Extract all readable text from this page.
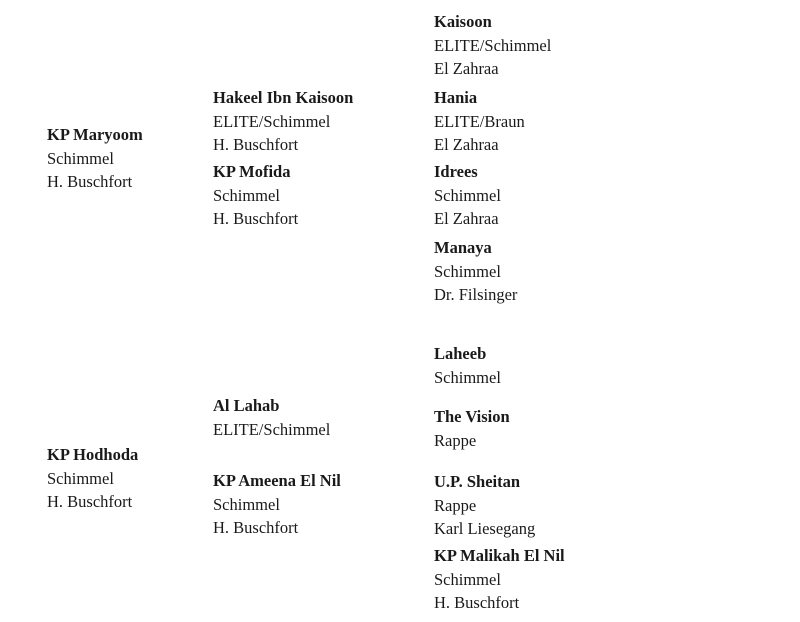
KP Maryoom
Schimmel
H. Buschfort
KP Hodhoda
Schimmel
H. Buschfort
Hakeel Ibn Kaisoon
ELITE/Schimmel
H. Buschfort
KP Mofida
Schimmel
H. Buschfort
Al Lahab
ELITE/Schimmel
KP Ameena El Nil
Schimmel
H. Buschfort
Kaisoon
ELITE/Schimmel
El Zahraa
Hania
ELITE/Braun
El Zahraa
Idrees
Schimmel
El Zahraa
Manaya
Schimmel
Dr. Filsinger
Laheeb
Schimmel
The Vision
Rappe
U.P. Sheitan
Rappe
Karl Liesegang
KP Malikah El Nil
Schimmel
H. Buschfort
